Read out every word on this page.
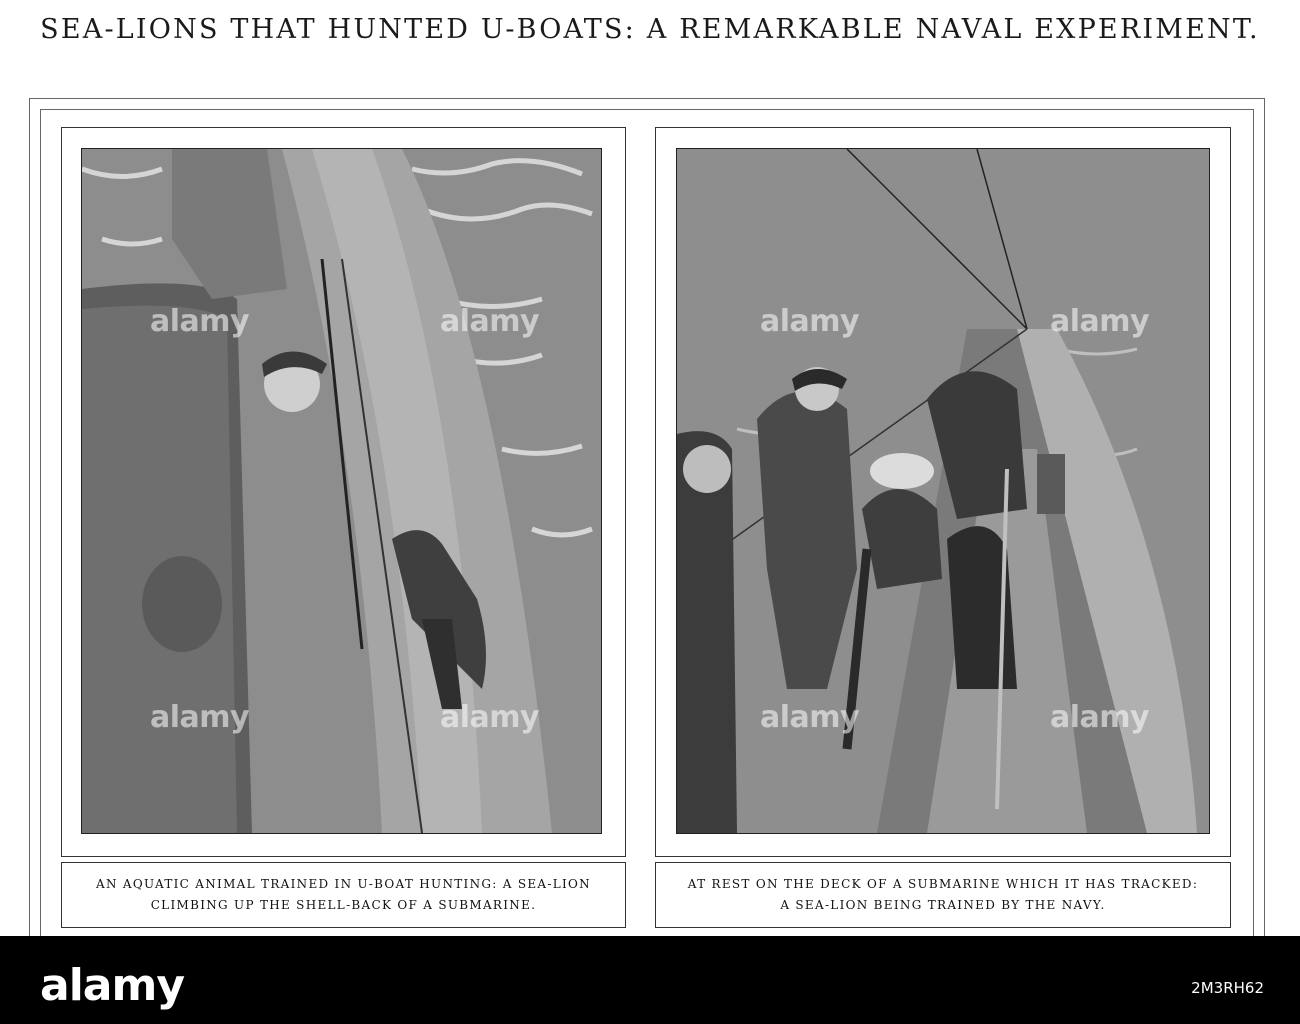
SEA-LIONS THAT HUNTED U-BOATS: A REMARKABLE NAVAL EXPERIMENT.
AN AQUATIC ANIMAL TRAINED IN U-BOAT HUNTING: A SEA-LION
CLIMBING UP THE SHELL-BACK OF A SUBMARINE.
AT REST ON THE DECK OF A SUBMARINE WHICH IT HAS TRACKED:
A SEA-LION BEING TRAINED BY THE NAVY.
alamy	alamy	alamy	alamy
alamy	alamy	alamy	alamy
alamy	2M3RH62
